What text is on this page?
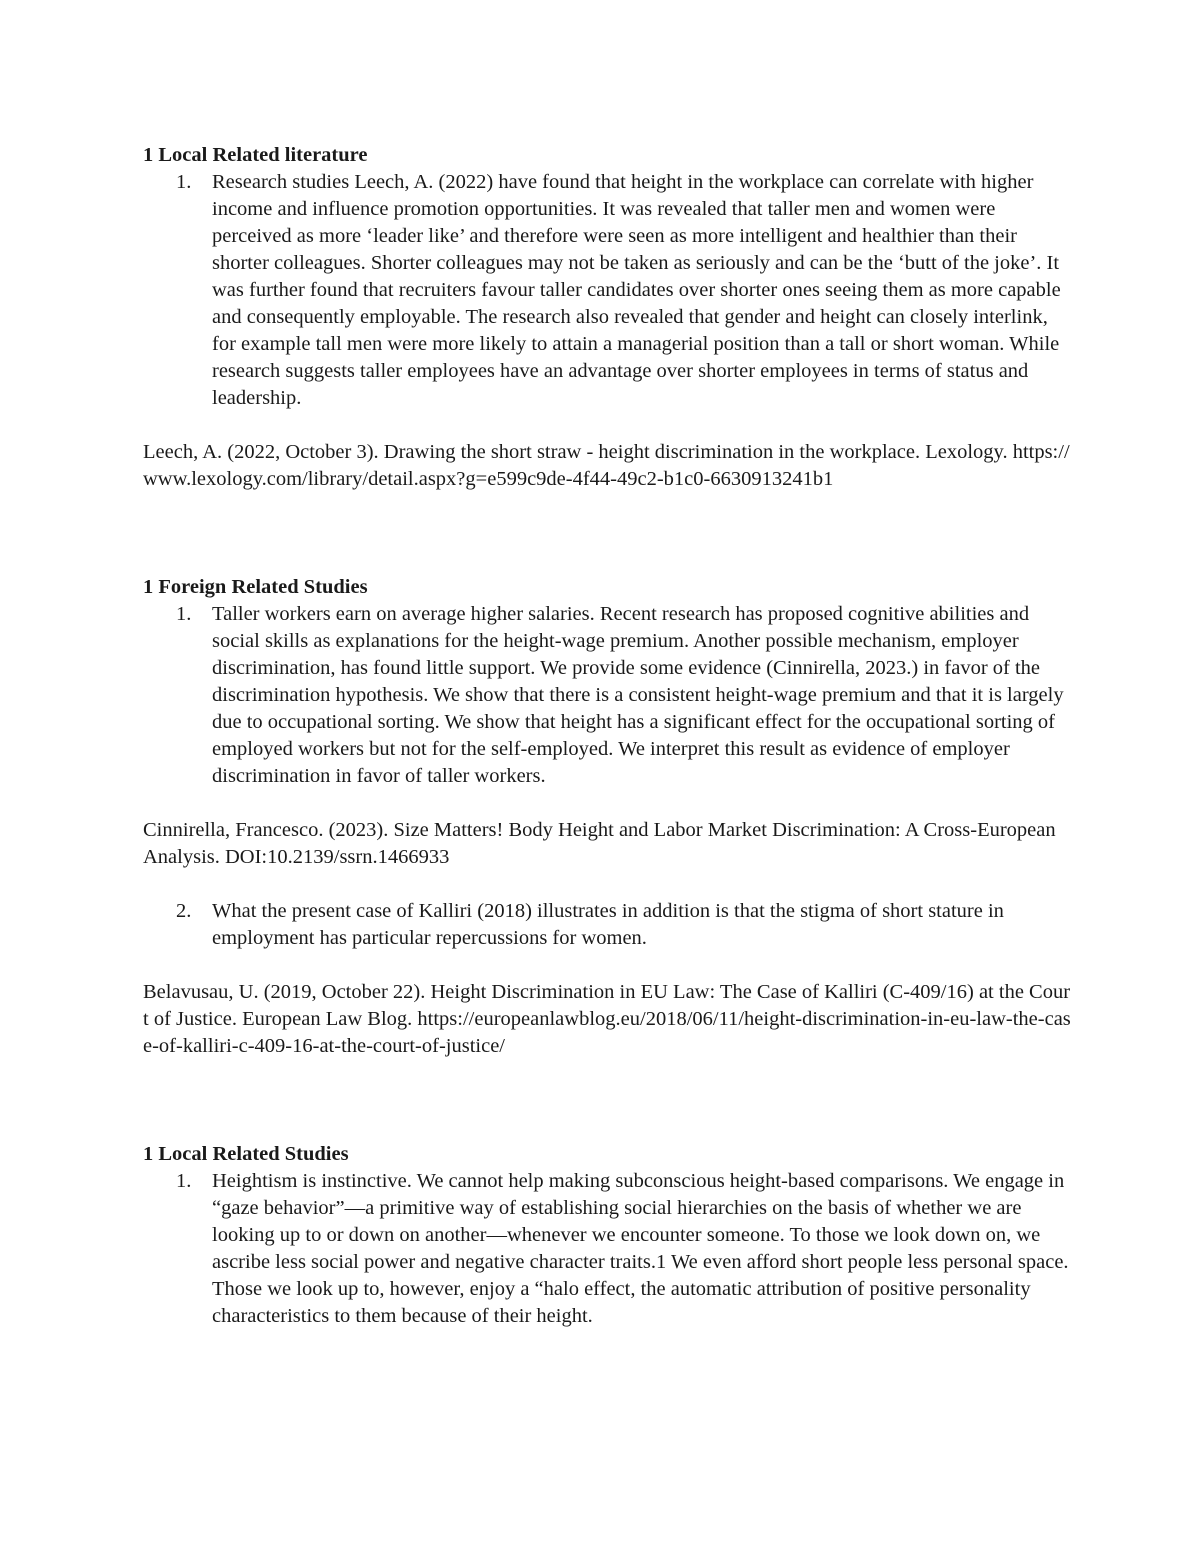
1 Local Related literature

1. Research studies Leech, A. (2022) have found that height in the workplace can correlate with higher income and influence promotion opportunities. It was revealed that taller men and women were perceived as more ‘leader like’ and therefore were seen as more intelligent and healthier than their shorter colleagues. Shorter colleagues may not be taken as seriously and can be the ‘butt of the joke’. It was further found that recruiters favour taller candidates over shorter ones seeing them as more capable and consequently employable. The research also revealed that gender and height can closely interlink, for example tall men were more likely to attain a managerial position than a tall or short woman. While research suggests taller employees have an advantage over shorter employees in terms of status and leadership.

Leech, A. (2022, October 3). Drawing the short straw - height discrimination in the workplace. Lexology. https://www.lexology.com/library/detail.aspx?g=e599c9de-4f44-49c2-b1c0-6630913241b1

1 Foreign Related Studies

1. Taller workers earn on average higher salaries. Recent research has proposed cognitive abilities and social skills as explanations for the height-wage premium. Another possible mechanism, employer discrimination, has found little support. We provide some evidence (Cinnirella, 2023.) in favor of the discrimination hypothesis. We show that there is a consistent height-wage premium and that it is largely due to occupational sorting. We show that height has a significant effect for the occupational sorting of employed workers but not for the self-employed. We interpret this result as evidence of employer discrimination in favor of taller workers.

Cinnirella, Francesco. (2023). Size Matters! Body Height and Labor Market Discrimination: A Cross-European Analysis. DOI:10.2139/ssrn.1466933

2. What the present case of Kalliri (2018) illustrates in addition is that the stigma of short stature in employment has particular repercussions for women.

Belavusau, U. (2019, October 22). Height Discrimination in EU Law: The Case of Kalliri (C-409/16) at the Court of Justice. European Law Blog. https://europeanlawblog.eu/2018/06/11/height-discrimination-in-eu-law-the-case-of-kalliri-c-409-16-at-the-court-of-justice/

1 Local Related Studies

1. Heightism is instinctive. We cannot help making subconscious height-based comparisons. We engage in “gaze behavior”—a primitive way of establishing social hierarchies on the basis of whether we are looking up to or down on another—whenever we encounter someone. To those we look down on, we ascribe less social power and negative character traits.1 We even afford short people less personal space. Those we look up to, however, enjoy a “halo effect, the automatic attribution of positive personality characteristics to them because of their height.
